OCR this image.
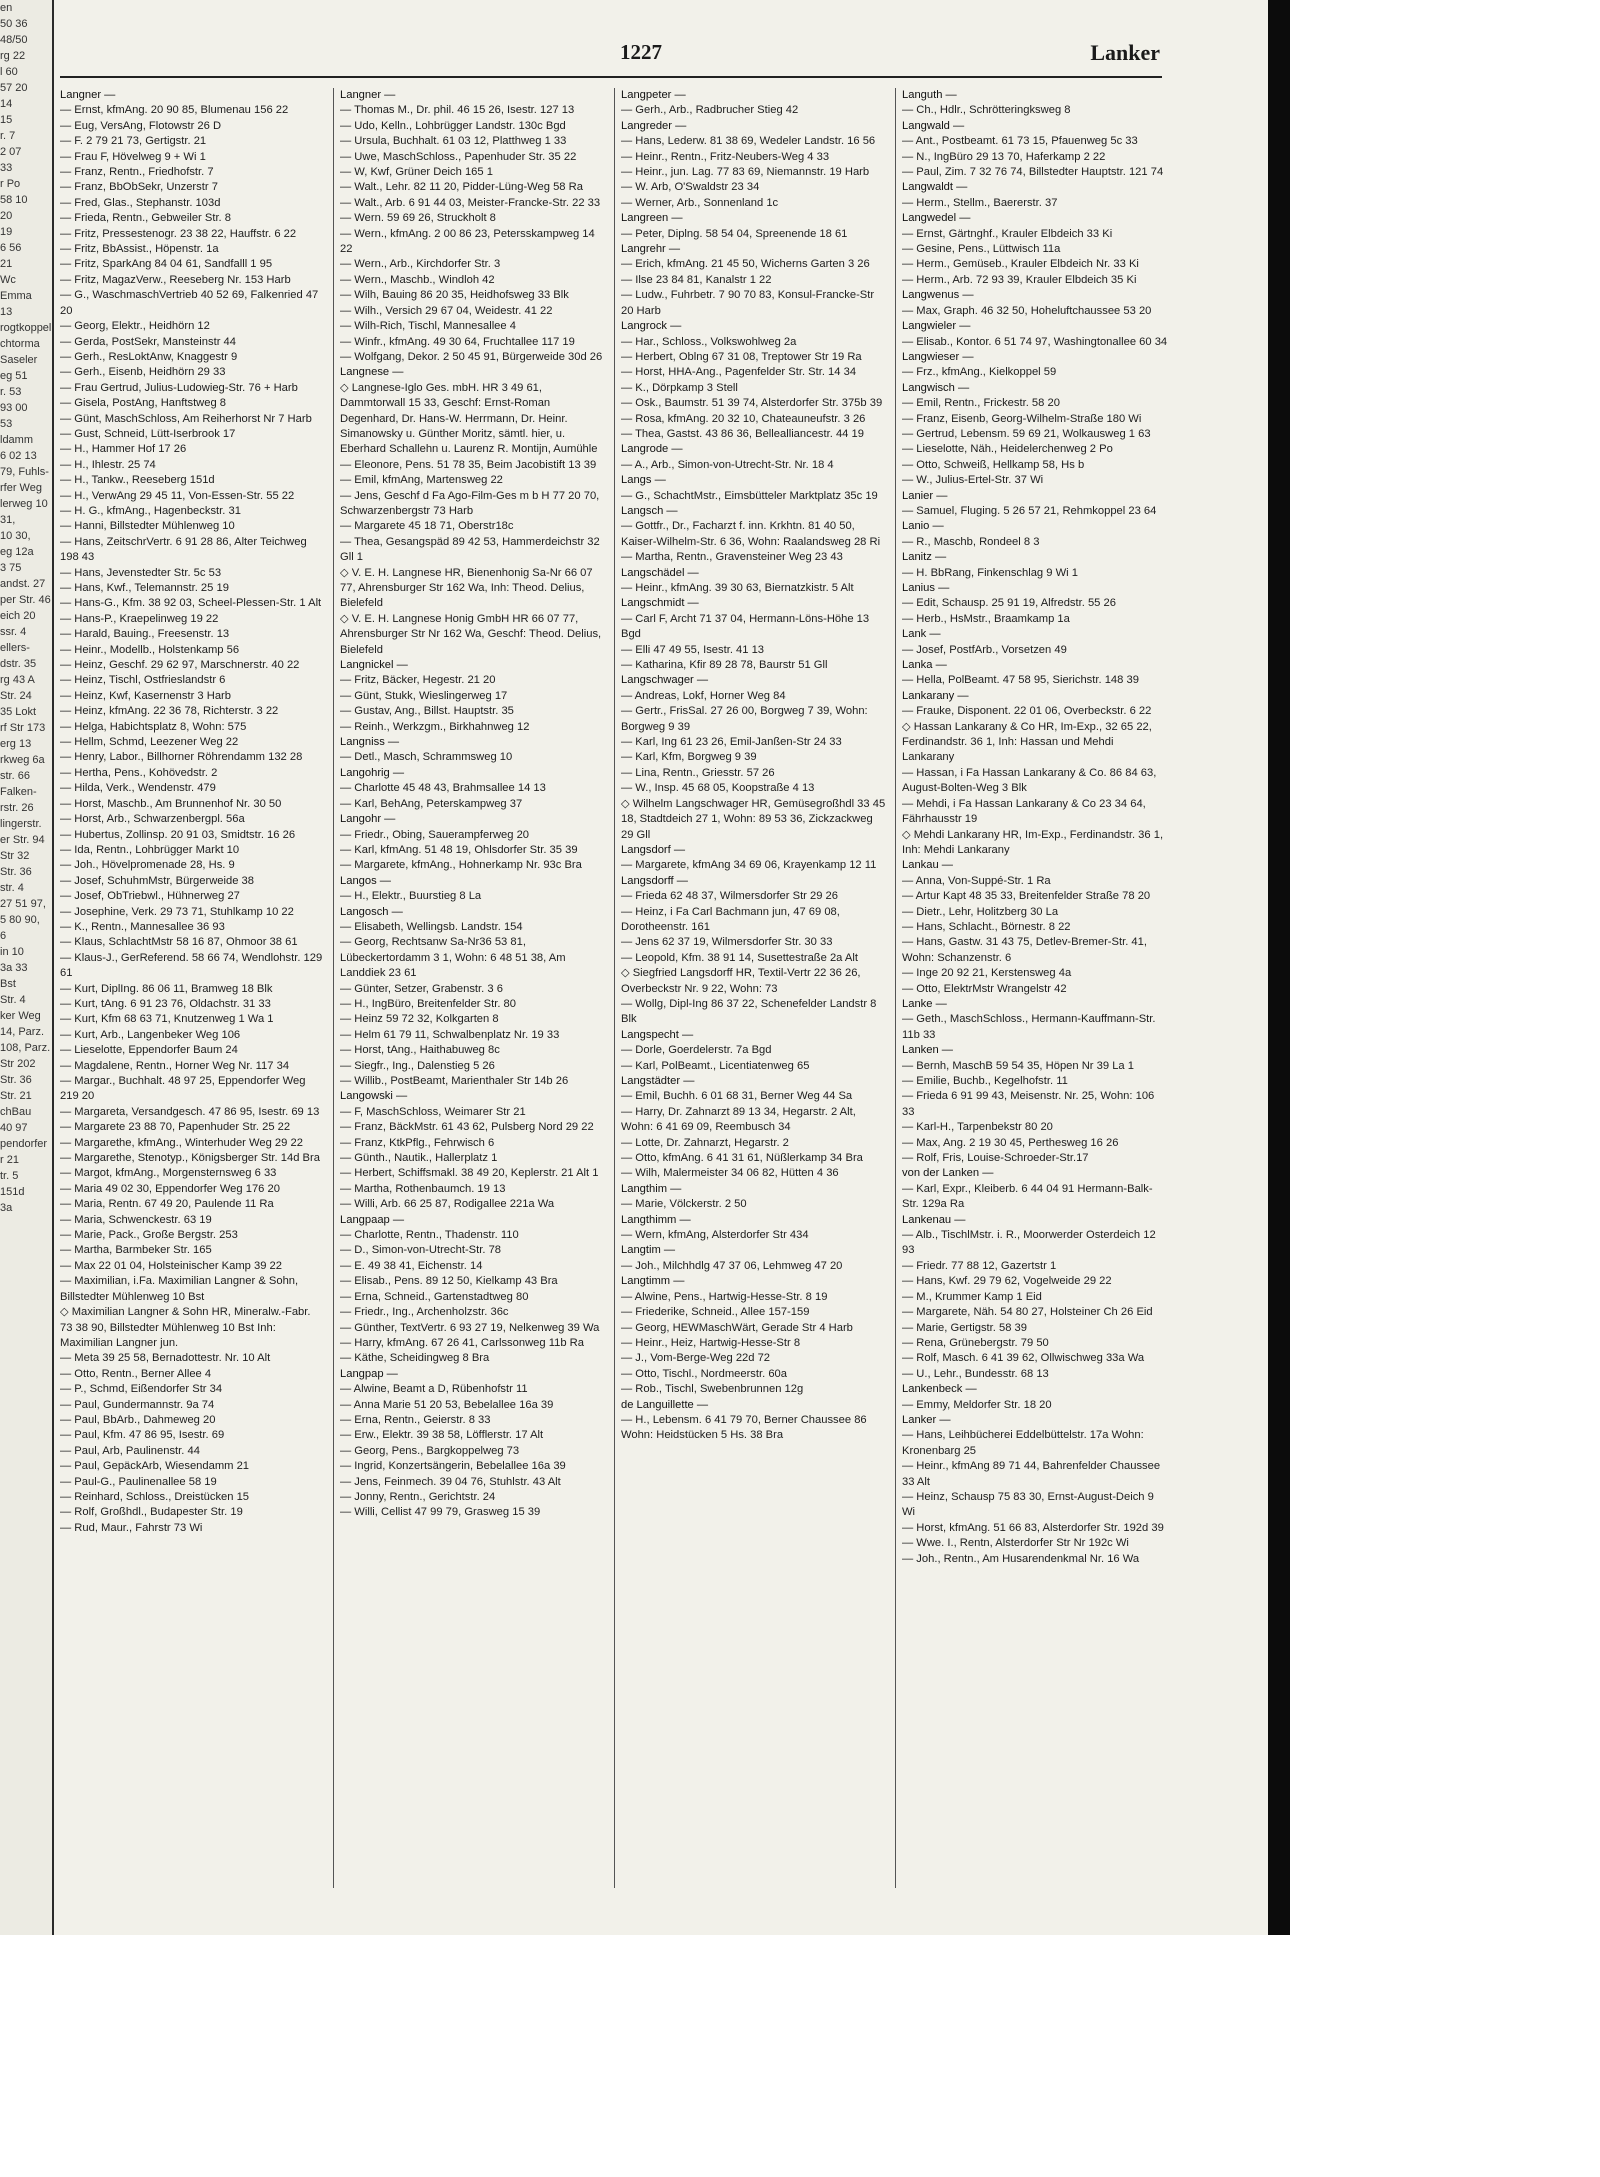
en
50 36
48/50
rg 22
l 60
57 20
14
15
r. 7
2 07
33
r Po
58 10
20
19
6 56
21
Wc
Emma
13
rogtkoppel
chtorma
Saseler
eg 51
r. 53
93 00
53
ldamm
6 02 13
79, Fuhls-
rfer Weg
lerweg 10
31,
10 30,
eg 12a
3 75
andst. 27
per Str. 46
eich 20
ssr. 4
ellers-
dstr. 35
rg 43 A
Str. 24
35 Lokt
rf Str 173
erg 13
rkweg 6a
str. 66
Falken-
rstr. 26
lingerstr.
er Str. 94
Str 32
Str. 36
str. 4
27 51 97,
5 80 90,
6
in 10
3a 33
Bst
Str. 4
ker Weg
14, Parz.
108, Parz.
Str 202
Str. 36
Str. 21
chBau
40 97
pendorfer
r 21
tr. 5
151d
3a
1227	Lanker
Langner —
— Ernst, kfmAng. 20 90 85, Blumenau 156 22
— Eug, VersAng, Flotowstr 26 D
— F. 2 79 21 73, Gertigstr. 21
— Frau F, Hövelweg 9 + Wi 1
— Franz, Rentn., Friedhofstr. 7
— Franz, BbObSekr, Unzerstr 7
— Fred, Glas., Stephanstr. 103d
— Frieda, Rentn., Gebweiler Str. 8
— Fritz, Pressestenogr. 23 38 22, Hauffstr. 6 22
— Fritz, BbAssist., Höpenstr. 1a
— Fritz, SparkAng 84 04 61, Sandfalll 1 95
— Fritz, MagazVerw., Reeseberg Nr. 153 Harb
— G., WaschmaschVertrieb 40 52 69, Falkenried 47 20
— Georg, Elektr., Heidhörn 12
— Gerda, PostSekr, Mansteinstr 44
— Gerh., ResLoktAnw, Knaggestr 9
— Gerh., Eisenb, Heidhörn 29 33
— Frau Gertrud, Julius-Ludowieg-Str. 76 + Harb
— Gisela, PostAng, Hanftstweg 8
— Günt, MaschSchloss, Am Reiherhorst Nr 7 Harb
— Gust, Schneid, Lütt-Iserbrook 17
— H., Hammer Hof 17 26
— H., Ihlestr. 25 74
— H., Tankw., Reeseberg 151d
— H., VerwAng 29 45 11, Von-Essen-Str. 55 22
— H. G., kfmAng., Hagenbeckstr. 31
— Hanni, Billstedter Mühlenweg 10
— Hans, ZeitschrVertr. 6 91 28 86, Alter Teichweg 198 43
— Hans, Jevenstedter Str. 5c 53
— Hans, Kwf., Telemannstr. 25 19
— Hans-G., Kfm. 38 92 03, Scheel-Plessen-Str. 1 Alt
— Hans-P., Kraepelinweg 19 22
— Harald, Bauing., Freesenstr. 13
— Heinr., Modellb., Holstenkamp 56
— Heinz, Geschf. 29 62 97, Marschnerstr. 40 22
— Heinz, Tischl, Ostfrieslandstr 6
— Heinz, Kwf, Kasernenstr 3 Harb
— Heinz, kfmAng. 22 36 78, Richterstr. 3 22
— Helga, Habichtsplatz 8, Wohn: 575
— Hellm, Schmd, Leezener Weg 22
— Henry, Labor., Billhorner Röhrendamm 132 28
— Hertha, Pens., Kohövedstr. 2
— Hilda, Verk., Wendenstr. 479
— Horst, Maschb., Am Brunnenhof Nr. 30 50
— Horst, Arb., Schwarzenbergpl. 56a
— Hubertus, Zollinsp. 20 91 03, Smidtstr. 16 26
— Ida, Rentn., Lohbrügger Markt 10
— Joh., Hövelpromenade 28, Hs. 9
— Josef, SchuhmMstr, Bürgerweide 38
— Josef, ObTriebwl., Hühnerweg 27
— Josephine, Verk. 29 73 71, Stuhlkamp 10 22
— K., Rentn., Mannesallee 36 93
— Klaus, SchlachtMstr 58 16 87, Ohmoor 38 61
— Klaus-J., GerReferend. 58 66 74, Wendlohstr. 129 61
— Kurt, DiplIng. 86 06 11, Bramweg 18 Blk
— Kurt, tAng. 6 91 23 76, Oldachstr. 31 33
— Kurt, Kfm 68 63 71, Knutzenweg 1 Wa 1
— Kurt, Arb., Langenbeker Weg 106
— Lieselotte, Eppendorfer Baum 24
— Magdalene, Rentn., Horner Weg Nr. 117 34
— Margar., Buchhalt. 48 97 25, Eppendorfer Weg 219 20
— Margareta, Versandgesch. 47 86 95, Isestr. 69 13
— Margarete 23 88 70, Papenhuder Str. 25 22
— Margarethe, kfmAng., Winterhuder Weg 29 22
— Margarethe, Stenotyp., Königsberger Str. 14d Bra
— Margot, kfmAng., Morgensternsweg 6 33
— Maria 49 02 30, Eppendorfer Weg 176 20
— Maria, Rentn. 67 49 20, Paulende 11 Ra
— Maria, Schwenckestr. 63 19
— Marie, Pack., Große Bergstr. 253
— Martha, Barmbeker Str. 165
— Max 22 01 04, Holsteinischer Kamp 39 22
— Maximilian, i.Fa. Maximilian Langner & Sohn, Billstedter Mühlenweg 10 Bst
◇ Maximilian Langner & Sohn HR, Mineralw.-Fabr. 73 38 90, Billstedter Mühlenweg 10 Bst Inh: Maximilian Langner jun.
— Meta 39 25 58, Bernadottestr. Nr. 10 Alt
— Otto, Rentn., Berner Allee 4
— P., Schmd, Eißendorfer Str 34
— Paul, Gundermannstr. 9a 74
— Paul, BbArb., Dahmeweg 20
— Paul, Kfm. 47 86 95, Isestr. 69
— Paul, Arb, Paulinenstr. 44
— Paul, GepäckArb, Wiesendamm 21
— Paul-G., Paulinenallee 58 19
— Reinhard, Schloss., Dreistücken 15
— Rolf, Großhdl., Budapester Str. 19
— Rud, Maur., Fahrstr 73 Wi
Langner —
— Thomas M., Dr. phil. 46 15 26, Isestr. 127 13
— Udo, Kelln., Lohbrügger Landstr. 130c Bgd
— Ursula, Buchhalt. 61 03 12, Platthweg 1 33
— Uwe, MaschSchloss., Papenhuder Str. 35 22
— W, Kwf, Grüner Deich 165 1
— Walt., Lehr. 82 11 20, Pidder-Lüng-Weg 58 Ra
— Walt., Arb. 6 91 44 03, Meister-Francke-Str. 22 33
— Wern. 59 69 26, Struckholt 8
— Wern., kfmAng. 2 00 86 23, Petersskampweg 14 22
— Wern., Arb., Kirchdorfer Str. 3
— Wern., Maschb., Windloh 42
— Wilh, Bauing 86 20 35, Heidhofsweg 33 Blk
— Wilh., Versich 29 67 04, Weidestr. 41 22
— Wilh-Rich, Tischl, Mannesallee 4
— Winfr., kfmAng. 49 30 64, Fruchtallee 117 19
— Wolfgang, Dekor. 2 50 45 91, Bürgerweide 30d 26
Langnese —
◇ Langnese-Iglo Ges. mbH. HR 3 49 61, Dammtorwall 15 33, Geschf: Ernst-Roman Degenhard, Dr. Hans-W. Herrmann, Dr. Heinr. Simanowsky u. Günther Moritz, sämtl. hier, u. Eberhard Schallehn u. Laurenz R. Montijn, Aumühle
— Eleonore, Pens. 51 78 35, Beim Jacobistift 13 39
— Emil, kfmAng, Martensweg 22
— Jens, Geschf d Fa Ago-Film-Ges m b H 77 20 70, Schwarzenbergstr 73 Harb
— Margarete 45 18 71, Oberstr18c
— Thea, Gesangspäd 89 42 53, Hammerdeichstr 32 Gll 1
◇ V. E. H. Langnese HR, Bienenhonig Sa-Nr 66 07 77, Ahrensburger Str 162 Wa, Inh: Theod. Delius, Bielefeld
◇ V. E. H. Langnese Honig GmbH HR 66 07 77, Ahrensburger Str Nr 162 Wa, Geschf: Theod. Delius, Bielefeld
Langnickel —
— Fritz, Bäcker, Hegestr. 21 20
— Günt, Stukk, Wieslingerweg 17
— Gustav, Ang., Billst. Hauptstr. 35
— Reinh., Werkzgm., Birkhahnweg 12
Langniss —
— Detl., Masch, Schrammsweg 10
Langohrig —
— Charlotte 45 48 43, Brahmsallee 14 13
— Karl, BehAng, Peterskampweg 37
Langohr —
— Friedr., Obing, Sauerampferweg 20
— Karl, kfmAng. 51 48 19, Ohlsdorfer Str. 35 39
— Margarete, kfmAng., Hohnerkamp Nr. 93c Bra
Langos —
— H., Elektr., Buurstieg 8 La
Langosch —
— Elisabeth, Wellingsb. Landstr. 154
— Georg, Rechtsanw Sa-Nr36 53 81, Lübeckertordamm 3 1, Wohn: 6 48 51 38, Am Landdiek 23 61
— Günter, Setzer, Grabenstr. 3 6
— H., IngBüro, Breitenfelder Str. 80
— Heinz 59 72 32, Kolkgarten 8
— Helm 61 79 11, Schwalbenplatz Nr. 19 33
— Horst, tAng., Haithabuweg 8c
— Siegfr., Ing., Dalenstieg 5 26
— Willib., PostBeamt, Marienthaler Str 14b 26
Langowski —
— F, MaschSchloss, Weimarer Str 21
— Franz, BäckMstr. 61 43 62, Pulsberg Nord 29 22
— Franz, KtkPflg., Fehrwisch 6
— Günth., Nautik., Hallerplatz 1
— Herbert, Schiffsmakl. 38 49 20, Keplerstr. 21 Alt 1
— Martha, Rothenbaumch. 19 13
— Willi, Arb. 66 25 87, Rodigallee 221a Wa
Langpaap —
— Charlotte, Rentn., Thadenstr. 110
— D., Simon-von-Utrecht-Str. 78
— E. 49 38 41, Eichenstr. 14
— Elisab., Pens. 89 12 50, Kielkamp 43 Bra
— Erna, Schneid., Gartenstadtweg 80
— Friedr., Ing., Archenholzstr. 36c
— Günther, TextVertr. 6 93 27 19, Nelkenweg 39 Wa
— Harry, kfmAng. 67 26 41, Carlssonweg 11b Ra
— Käthe, Scheidingweg 8 Bra
Langpap —
— Alwine, Beamt a D, Rübenhofstr 11
— Anna Marie 51 20 53, Bebelallee 16a 39
— Erna, Rentn., Geierstr. 8 33
— Erw., Elektr. 39 38 58, Löfflerstr. 17 Alt
— Georg, Pens., Bargkoppelweg 73
— Ingrid, Konzertsängerin, Bebelallee 16a 39
— Jens, Feinmech. 39 04 76, Stuhlstr. 43 Alt
— Jonny, Rentn., Gerichtstr. 24
— Willi, Cellist 47 99 79, Grasweg 15 39
Langpeter —
— Gerh., Arb., Radbrucher Stieg 42
Langreder —
— Hans, Lederw. 81 38 69, Wedeler Landstr. 16 56
— Heinr., Rentn., Fritz-Neubers-Weg 4 33
— Heinr., jun. Lag. 77 83 69, Niemannstr. 19 Harb
— W. Arb, O'Swaldstr 23 34
— Werner, Arb., Sonnenland 1c
Langreen —
— Peter, Diplng. 58 54 04, Spreenende 18 61
Langrehr —
— Erich, kfmAng. 21 45 50, Wicherns Garten 3 26
— Ilse 23 84 81, Kanalstr 1 22
— Ludw., Fuhrbetr. 7 90 70 83, Konsul-Francke-Str 20 Harb
Langrock —
— Har., Schloss., Volkswohlweg 2a
— Herbert, Oblng 67 31 08, Treptower Str 19 Ra
— Horst, HHA-Ang., Pagenfelder Str. Str. 14 34
— K., Dörpkamp 3 Stell
— Osk., Baumstr. 51 39 74, Alsterdorfer Str. 375b 39
— Rosa, kfmAng. 20 32 10, Chateauneufstr. 3 26
— Thea, Gastst. 43 86 36, Bellealliancestr. 44 19
Langrode —
— A., Arb., Simon-von-Utrecht-Str. Nr. 18 4
Langs —
— G., SchachtMstr., Eimsbütteler Marktplatz 35c 19
Langsch —
— Gottfr., Dr., Facharzt f. inn. Krkhtn. 81 40 50, Kaiser-Wilhelm-Str. 6 36, Wohn: Raalandsweg 28 Ri
— Martha, Rentn., Gravensteiner Weg 23 43
Langschädel —
— Heinr., kfmAng. 39 30 63, Biernatzkistr. 5 Alt
Langschmidt —
— Carl F, Archt 71 37 04, Hermann-Löns-Höhe 13 Bgd
— Elli 47 49 55, Isestr. 41 13
— Katharina, Kfir 89 28 78, Baurstr 51 Gll
Langschwager —
— Andreas, Lokf, Horner Weg 84
— Gertr., FrisSal. 27 26 00, Borgweg 7 39, Wohn: Borgweg 9 39
— Karl, Ing 61 23 26, Emil-Janßen-Str 24 33
— Karl, Kfm, Borgweg 9 39
— Lina, Rentn., Griesstr. 57 26
— W., Insp. 45 68 05, Koopstraße 4 13
◇ Wilhelm Langschwager HR, Gemüsegroßhdl 33 45 18, Stadtdeich 27 1, Wohn: 89 53 36, Zickzackweg 29 Gll
Langsdorf —
— Margarete, kfmAng 34 69 06, Krayenkamp 12 11
Langsdorff —
— Frieda 62 48 37, Wilmersdorfer Str 29 26
— Heinz, i Fa Carl Bachmann jun, 47 69 08, Dorotheenstr. 161
— Jens 62 37 19, Wilmersdorfer Str. 30 33
— Leopold, Kfm. 38 91 14, Susettestraße 2a Alt
◇ Siegfried Langsdorff HR, Textil-Vertr 22 36 26, Overbeckstr Nr. 9 22, Wohn: 73
— Wollg, Dipl-Ing 86 37 22, Schenefelder Landstr 8 Blk
Langspecht —
— Dorle, Goerdelerstr. 7a Bgd
— Karl, PolBeamt., Licentiatenweg 65
Langstädter —
— Emil, Buchh. 6 01 68 31, Berner Weg 44 Sa
— Harry, Dr. Zahnarzt 89 13 34, Hegarstr. 2 Alt, Wohn: 6 41 69 09, Reembusch 34
— Lotte, Dr. Zahnarzt, Hegarstr. 2
— Otto, kfmAng. 6 41 31 61, Nüßlerkamp 34 Bra
— Wilh, Malermeister 34 06 82, Hütten 4 36
Langthim —
— Marie, Völckerstr. 2 50
Langthimm —
— Wern, kfmAng, Alsterdorfer Str 434
Langtim —
— Joh., Milchhdlg 47 37 06, Lehmweg 47 20
Langtimm —
— Alwine, Pens., Hartwig-Hesse-Str. 8 19
— Friederike, Schneid., Allee 157-159
— Georg, HEWMaschWärt, Gerade Str 4 Harb
— Heinr., Heiz, Hartwig-Hesse-Str 8
— J., Vom-Berge-Weg 22d 72
— Otto, Tischl., Nordmeerstr. 60a
— Rob., Tischl, Swebenbrunnen 12g
de Languillette —
— H., Lebensm. 6 41 79 70, Berner Chaussee 86 Wohn: Heidstücken 5 Hs. 38 Bra
Languth —
— Ch., Hdlr., Schrötteringksweg 8
Langwald —
— Ant., Postbeamt. 61 73 15, Pfauenweg 5c 33
— N., IngBüro 29 13 70, Haferkamp 2 22
— Paul, Zim. 7 32 76 74, Billstedter Hauptstr. 121 74
Langwaldt —
— Herm., Stellm., Baererstr. 37
Langwedel —
— Ernst, Gärtnghf., Krauler Elbdeich 33 Ki
— Gesine, Pens., Lüttwisch 11a
— Herm., Gemüseb., Krauler Elbdeich Nr. 33 Ki
— Herm., Arb. 72 93 39, Krauler Elbdeich 35 Ki
Langwenus —
— Max, Graph. 46 32 50, Hoheluftchaussee 53 20
Langwieler —
— Elisab., Kontor. 6 51 74 97, Washingtonallee 60 34
Langwieser —
— Frz., kfmAng., Kielkoppel 59
Langwisch —
— Emil, Rentn., Frickestr. 58 20
— Franz, Eisenb, Georg-Wilhelm-Straße 180 Wi
— Gertrud, Lebensm. 59 69 21, Wolkausweg 1 63
— Lieselotte, Näh., Heidelerchenweg 2 Po
— Otto, Schweiß, Hellkamp 58, Hs b
— W., Julius-Ertel-Str. 37 Wi
Lanier —
— Samuel, Fluging. 5 26 57 21, Rehmkoppel 23 64
Lanio —
— R., Maschb, Rondeel 8 3
Lanitz —
— H. BbRang, Finkenschlag 9 Wi 1
Lanius —
— Edit, Schausp. 25 91 19, Alfredstr. 55 26
— Herb., HsMstr., Braamkamp 1a
Lank —
— Josef, PostfArb., Vorsetzen 49
Lanka —
— Hella, PolBeamt. 47 58 95, Sierichstr. 148 39
Lankarany —
— Frauke, Disponent. 22 01 06, Overbeckstr. 6 22
◇ Hassan Lankarany & Co HR, Im-Exp., 32 65 22, Ferdinandstr. 36 1, Inh: Hassan und Mehdi Lankarany
— Hassan, i Fa Hassan Lankarany & Co. 86 84 63, August-Bolten-Weg 3 Blk
— Mehdi, i Fa Hassan Lankarany & Co 23 34 64, Fährhausstr 19
◇ Mehdi Lankarany HR, Im-Exp., Ferdinandstr. 36 1, Inh: Mehdi Lankarany
Lankau —
— Anna, Von-Suppé-Str. 1 Ra
— Artur Kapt 48 35 33, Breitenfelder Straße 78 20
— Dietr., Lehr, Holitzberg 30 La
— Hans, Schlacht., Börnestr. 8 22
— Hans, Gastw. 31 43 75, Detlev-Bremer-Str. 41, Wohn: Schanzenstr. 6
— Inge 20 92 21, Kerstensweg 4a
— Otto, ElektrMstr Wrangelstr 42
Lanke —
— Geth., MaschSchloss., Hermann-Kauffmann-Str. 11b 33
Lanken —
— Bernh, MaschB 59 54 35, Höpen Nr 39 La 1
— Emilie, Buchb., Kegelhofstr. 11
— Frieda 6 91 99 43, Meisenstr. Nr. 25, Wohn: 106 33
— Karl-H., Tarpenbekstr 80 20
— Max, Ang. 2 19 30 45, Perthesweg 16 26
— Rolf, Fris, Louise-Schroeder-Str.17
von der Lanken —
— Karl, Expr., Kleiberb. 6 44 04 91 Hermann-Balk-Str. 129a Ra
Lankenau —
— Alb., TischlMstr. i. R., Moorwerder Osterdeich 12 93
— Friedr. 77 88 12, Gazertstr 1
— Hans, Kwf. 29 79 62, Vogelweide 29 22
— M., Krummer Kamp 1 Eid
— Margarete, Näh. 54 80 27, Holsteiner Ch 26 Eid
— Marie, Gertigstr. 58 39
— Rena, Grünebergstr. 79 50
— Rolf, Masch. 6 41 39 62, Ollwischweg 33a Wa
— U., Lehr., Bundesstr. 68 13
Lankenbeck —
— Emmy, Meldorfer Str. 18 20
Lanker —
— Hans, Leihbücherei Eddelbüttelstr. 17a Wohn: Kronenbarg 25
— Heinr., kfmAng 89 71 44, Bahrenfelder Chaussee 33 Alt
— Heinz, Schausp 75 83 30, Ernst-August-Deich 9 Wi
— Horst, kfmAng. 51 66 83, Alsterdorfer Str. 192d 39
— Wwe. I., Rentn, Alsterdorfer Str Nr 192c Wi
— Joh., Rentn., Am Husarendenkmal Nr. 16 Wa
